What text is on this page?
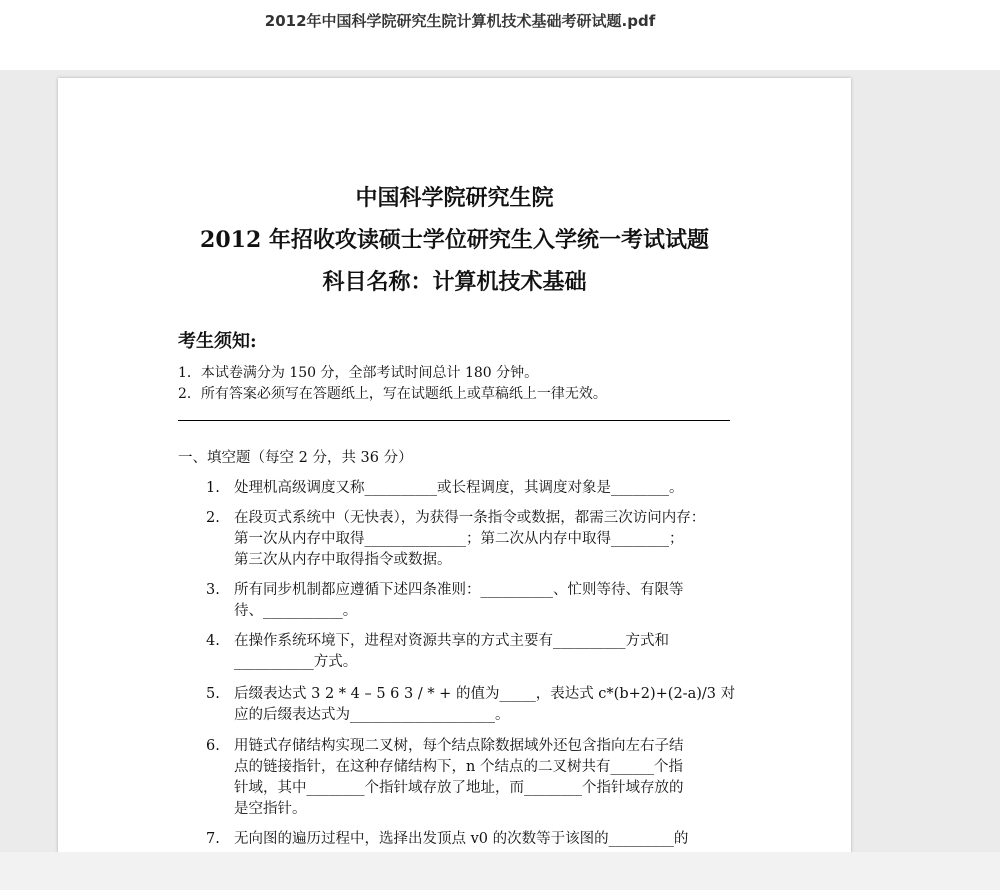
2012年中国科学院研究生院计算机技术基础考研试题.pdf
中国科学院研究生院
2012 年招收攻读硕士学位研究生入学统一考试试题
科目名称：计算机技术基础
考生须知:
1．本试卷满分为 150 分，全部考试时间总计 180 分钟。
2．所有答案必须写在答题纸上，写在试题纸上或草稿纸上一律无效。
一、填空题（每空 2 分，共 36 分）
1. 处理机高级调度又称__________或长程调度，其调度对象是________。
2. 在段页式系统中（无快表），为获得一条指令或数据，都需三次访问内存：
第一次从内存中取得______________；第二次从内存中取得________；
第三次从内存中取得指令或数据。
3. 所有同步机制都应遵循下述四条准则：__________、忙则等待、有限等
待、___________。
4. 在操作系统环境下，进程对资源共享的方式主要有__________方式和
___________方式。
5. 后缀表达式 3 2 * 4 – 5 6 3 / * + 的值为_____，表达式 c*(b+2)+(2-a)/3 对
应的后缀表达式为____________________。
6. 用链式存储结构实现二叉树，每个结点除数据域外还包含指向左右子结
点的链接指针，在这种存储结构下，n 个结点的二叉树共有______个指
针域，其中________个指针域存放了地址，而________个指针域存放的
是空指针。
7. 无向图的遍历过程中，选择出发顶点 v0 的次数等于该图的_________的
